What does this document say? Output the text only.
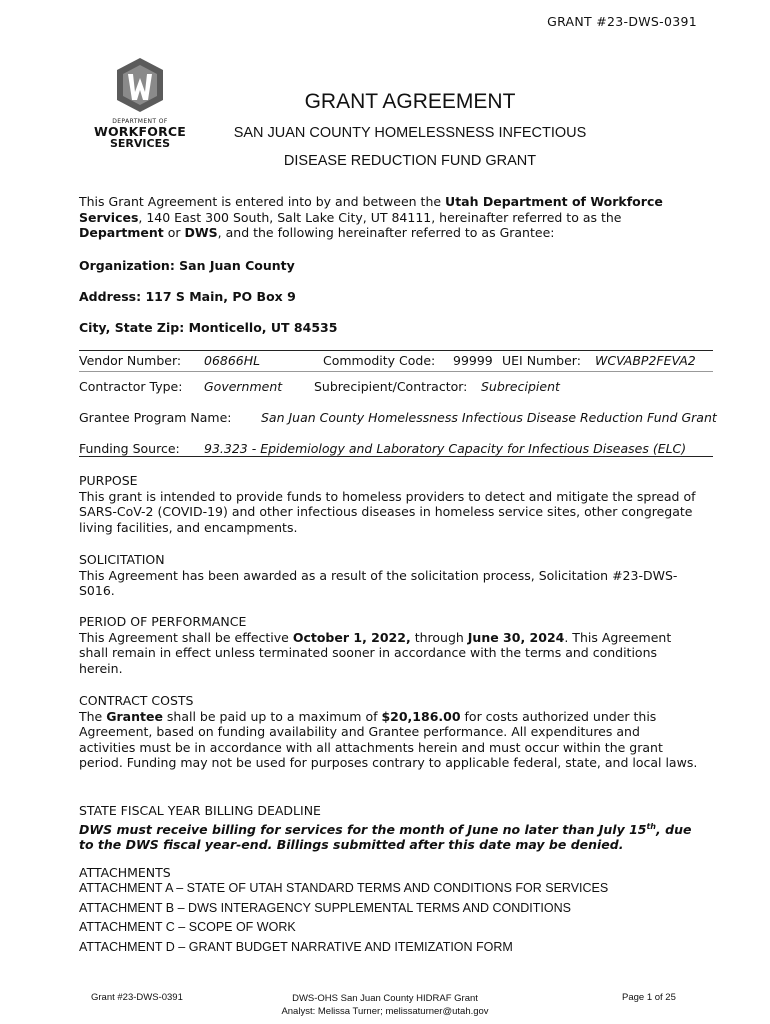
GRANT #23-DWS-0391
DEPARTMENT OF
WORKFORCE
SERVICES
GRANT AGREEMENT
SAN JUAN COUNTY HOMELESSNESS INFECTIOUS
DISEASE REDUCTION FUND GRANT
This Grant Agreement is entered into by and between the Utah Department of Workforce Services, 140 East 300 South, Salt Lake City, UT 84111, hereinafter referred to as the Department or DWS, and the following hereinafter referred to as Grantee:
Organization: San Juan County
Address: 117 S Main, PO Box 9
City, State Zip: Monticello, UT 84535
Vendor Number: 06866HL	Commodity Code: 99999 UEI Number: WCVABP2FEVA2
Contractor Type: Government	Subrecipient/Contractor: Subrecipient
Grantee Program Name: San Juan County Homelessness Infectious Disease Reduction Fund Grant
Funding Source: 93.323 - Epidemiology and Laboratory Capacity for Infectious Diseases (ELC)
PURPOSE
This grant is intended to provide funds to homeless providers to detect and mitigate the spread of SARS-CoV-2 (COVID-19) and other infectious diseases in homeless service sites, other congregate living facilities, and encampments.
SOLICITATION
This Agreement has been awarded as a result of the solicitation process, Solicitation #23-DWS-S016.
PERIOD OF PERFORMANCE
This Agreement shall be effective October 1, 2022, through June 30, 2024. This Agreement shall remain in effect unless terminated sooner in accordance with the terms and conditions herein.
CONTRACT COSTS
The Grantee shall be paid up to a maximum of $20,186.00 for costs authorized under this Agreement, based on funding availability and Grantee performance. All expenditures and activities must be in accordance with all attachments herein and must occur within the grant period. Funding may not be used for purposes contrary to applicable federal, state, and local laws.
STATE FISCAL YEAR BILLING DEADLINE
DWS must receive billing for services for the month of June no later than July 15th, due to the DWS fiscal year-end. Billings submitted after this date may be denied.
ATTACHMENTS
ATTACHMENT A – STATE OF UTAH STANDARD TERMS AND CONDITIONS FOR SERVICES
ATTACHMENT B – DWS INTERAGENCY SUPPLEMENTAL TERMS AND CONDITIONS
ATTACHMENT C – SCOPE OF WORK
ATTACHMENT D – GRANT BUDGET NARRATIVE AND ITEMIZATION FORM
Grant #23-DWS-0391	DWS-OHS San Juan County HIDRAF Grant
Analyst: Melissa Turner; melissaturner@utah.gov
Page 1 of 25
